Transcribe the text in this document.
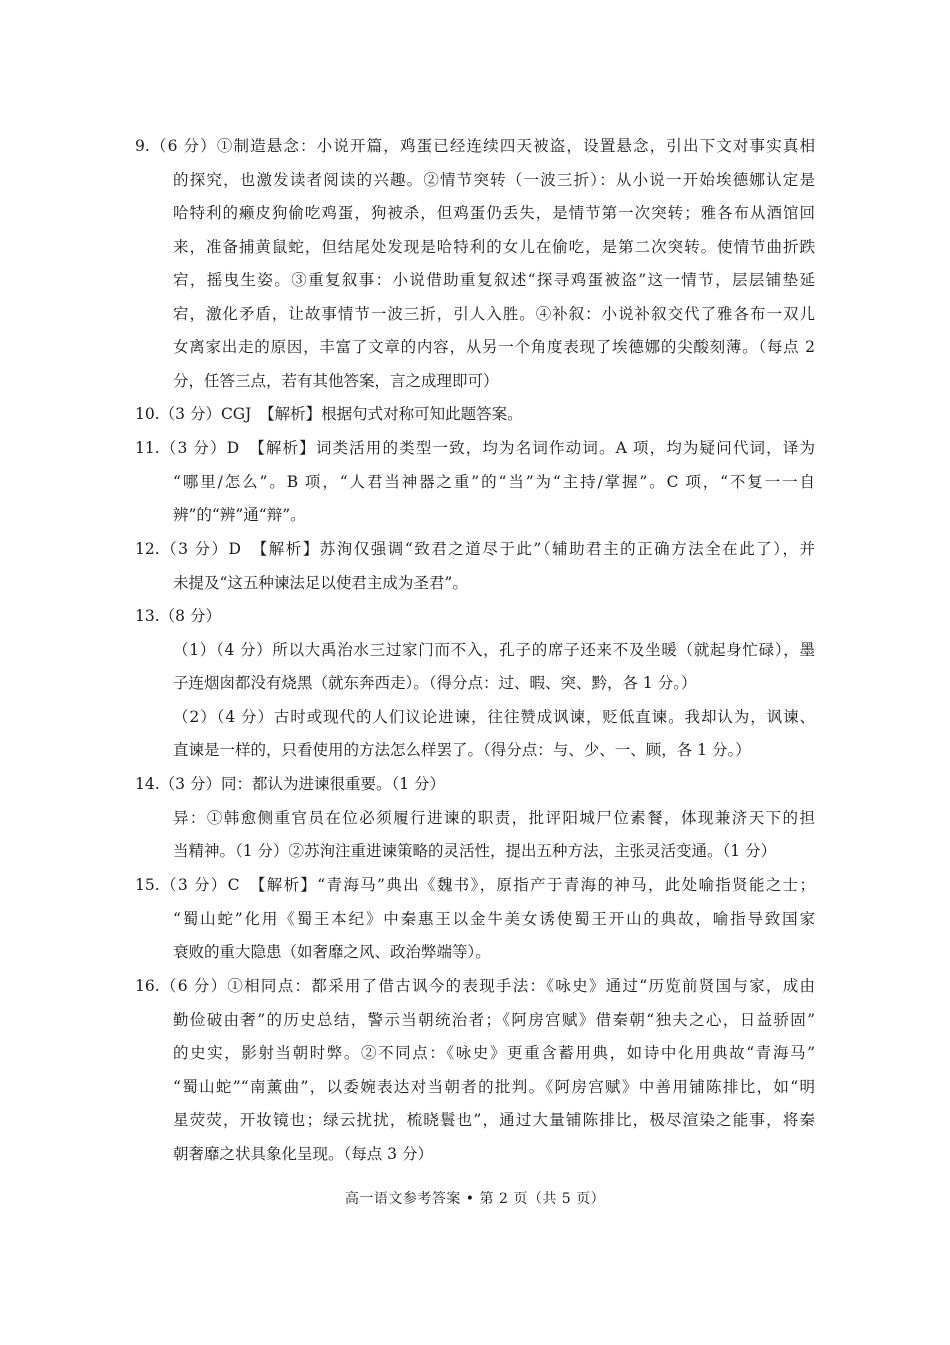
9.（6 分）①制造悬念：小说开篇，鸡蛋已经连续四天被盗，设置悬念，引出下文对事实真相
的探究，也激发读者阅读的兴趣。②情节突转（一波三折）：从小说一开始埃德娜认定是
哈特利的癞皮狗偷吃鸡蛋，狗被杀，但鸡蛋仍丢失，是情节第一次突转；雅各布从酒馆回
来，准备捕黄鼠蛇，但结尾处发现是哈特利的女儿在偷吃，是第二次突转。使情节曲折跌
宕，摇曳生姿。③重复叙事：小说借助重复叙述“探寻鸡蛋被盗”这一情节，层层铺垫延
宕，激化矛盾，让故事情节一波三折，引人入胜。④补叙：小说补叙交代了雅各布一双儿
女离家出走的原因，丰富了文章的内容，从另一个角度表现了埃德娜的尖酸刻薄。（每点 2
分，任答三点，若有其他答案，言之成理即可）
10.（3 分）CGJ　【解析】根据句式对称可知此题答案。
11.（3 分）D　【解析】词类活用的类型一致，均为名词作动词。A 项，均为疑问代词，译为
“哪里/怎么”。B 项，“人君当神器之重”的“当”为“主持/掌握”。C 项，“不复一一自
辨”的“辨”通“辩”。
12.（3 分）D　【解析】苏洵仅强调“致君之道尽于此”（辅助君主的正确方法全在此了），并
未提及“这五种谏法足以使君主成为圣君”。
13.（8 分）
（1）（4 分）所以大禹治水三过家门而不入，孔子的席子还来不及坐暖（就起身忙碌），墨
子连烟囱都没有烧黑（就东奔西走）。（得分点：过、暇、突、黔，各 1 分。）
（2）（4 分）古时或现代的人们议论进谏，往往赞成讽谏，贬低直谏。我却认为，讽谏、
直谏是一样的，只看使用的方法怎么样罢了。（得分点：与、少、一、顾，各 1 分。）
14.（3 分）同：都认为进谏很重要。（1 分）
异：①韩愈侧重官员在位必须履行进谏的职责，批评阳城尸位素餐，体现兼济天下的担
当精神。（1 分）②苏洵注重进谏策略的灵活性，提出五种方法，主张灵活变通。（1 分）
15.（3 分）C　【解析】“青海马”典出《魏书》，原指产于青海的神马，此处喻指贤能之士；
“蜀山蛇”化用《蜀王本纪》中秦惠王以金牛美女诱使蜀王开山的典故，喻指导致国家
衰败的重大隐患（如奢靡之风、政治弊端等）。
16.（6 分）①相同点：都采用了借古讽今的表现手法：《咏史》通过“历览前贤国与家，成由
勤俭破由奢”的历史总结，警示当朝统治者；《阿房宫赋》借秦朝“独夫之心，日益骄固”
的史实，影射当朝时弊。②不同点：《咏史》更重含蓄用典，如诗中化用典故“青海马”
“蜀山蛇”“南薰曲”，以委婉表达对当朝者的批判。《阿房宫赋》中善用铺陈排比，如“明
星荧荧，开妆镜也；绿云扰扰，梳晓鬟也”，通过大量铺陈排比，极尽渲染之能事，将秦
朝奢靡之状具象化呈现。（每点 3 分）
高一语文参考答案 • 第 2 页（共 5 页）
